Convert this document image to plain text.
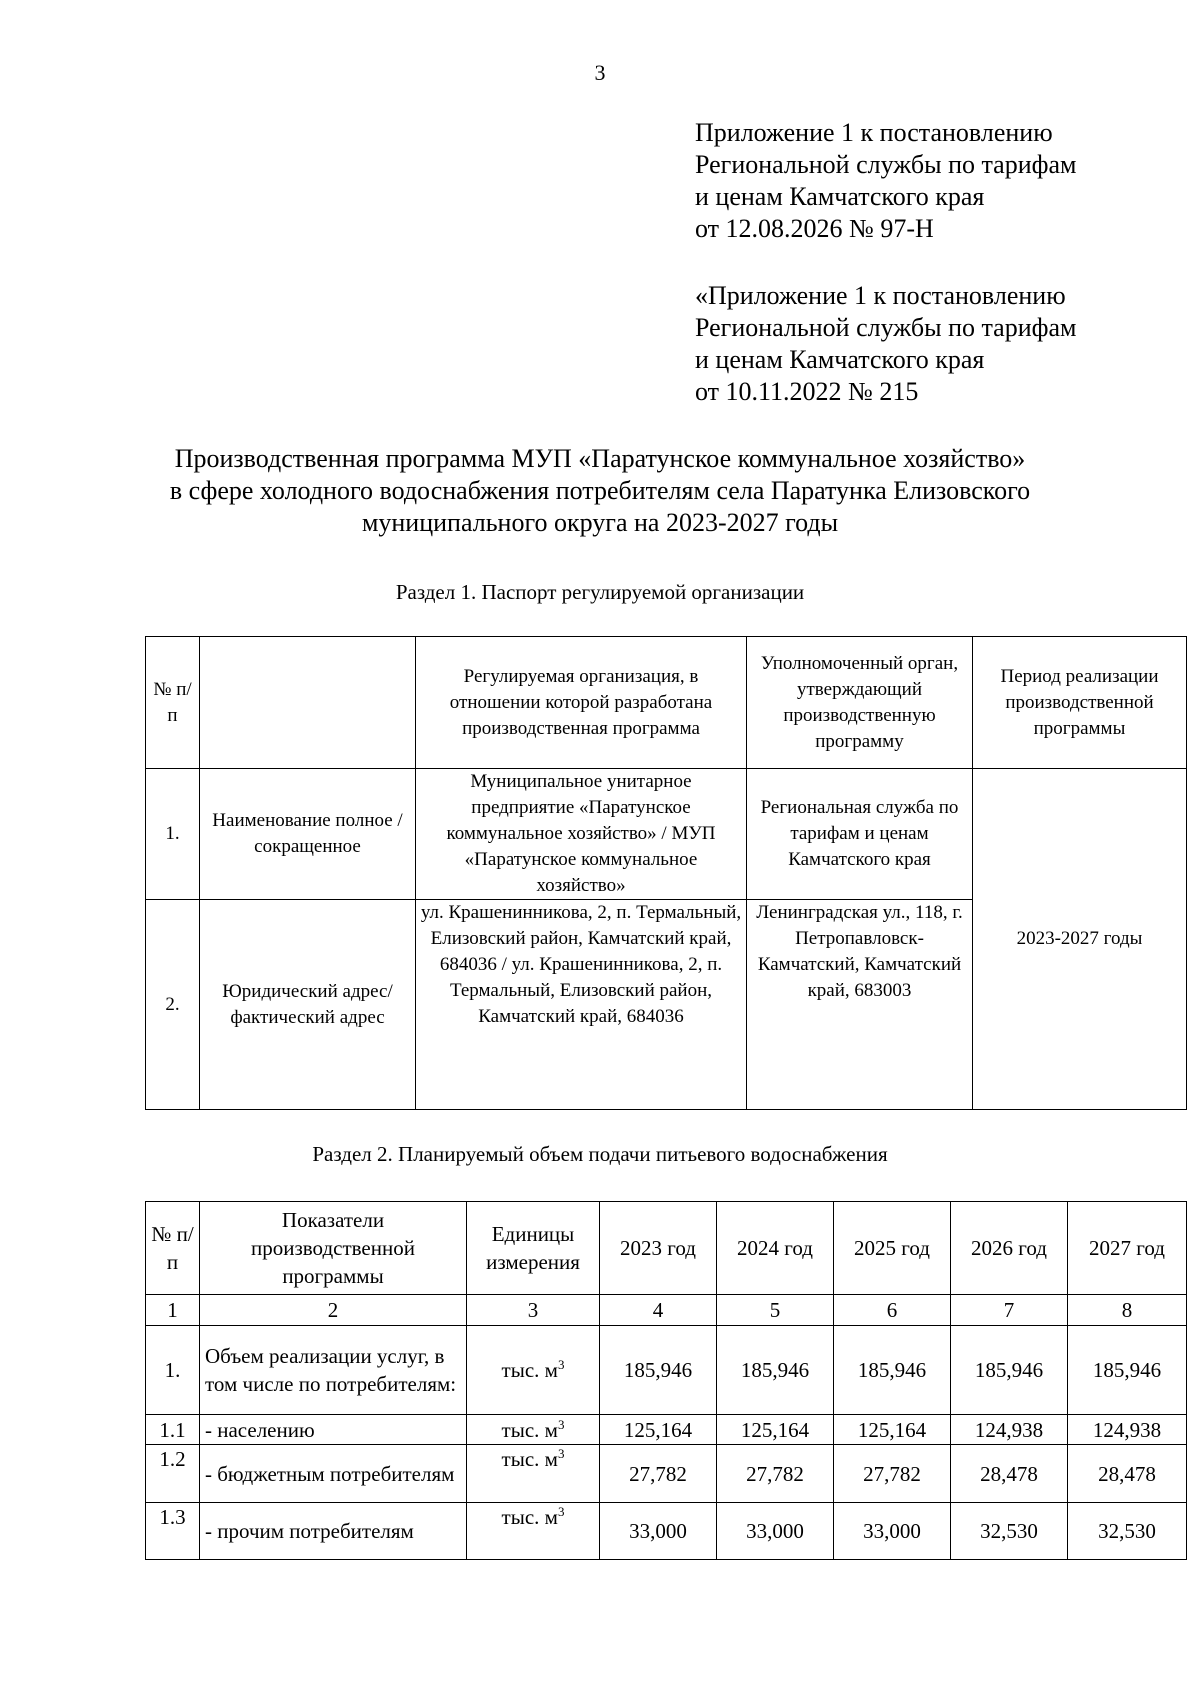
3
Приложение 1 к постановлению
Региональной службы по тарифам
и ценам Камчатского края
от 12.08.2026 № 97-Н
«Приложение 1 к постановлению
Региональной службы по тарифам
и ценам Камчатского края
от 10.11.2022 № 215
Производственная программа МУП «Паратунское коммунальное хозяйство»
в сфере холодного водоснабжения потребителям села Паратунка Елизовского
муниципального округа на 2023-2027 годы
Раздел 1. Паспорт регулируемой организации
№ п/п		Регулируемая организация, в отношении которой разработана производственная программа	Уполномоченный орган, утверждающий производственную программу	Период реализации производственной программы
1.	Наименование полное / сокращенное	Муниципальное унитарное предприятие «Паратунское коммунальное хозяйство» / МУП «Паратунское коммунальное хозяйство»	Региональная служба по тарифам и ценам Камчатского края	2023-2027 годы
2.	Юридический адрес/фактический адрес	ул. Крашенинникова, 2, п. Термальный, Елизовский район, Камчатский край, 684036 / ул. Крашенинникова, 2, п. Термальный, Елизовский район, Камчатский край, 684036	Ленинградская ул., 118, г. Петропавловск-Камчатский, Камчатский край, 683003	
Раздел 2. Планируемый объем подачи питьевого водоснабжения
№ п/п	Показатели производственной программы	Единицы измерения	2023 год	2024 год	2025 год	2026 год	2027 год
1	2	3	4	5	6	7	8
1.	Объем реализации услуг, в том числе по потребителям:	тыс. $м^3$	185,946	185,946	185,946	185,946	185,946
1.1	- населению	тыс. $м^3$	125,164	125,164	125,164	124,938	124,938
1.2	- бюджетным потребителям	тыс. $м^3$	27,782	27,782	27,782	28,478	28,478
1.3	- прочим потребителям	тыс. $м^3$	33,000	33,000	33,000	32,530	32,530
